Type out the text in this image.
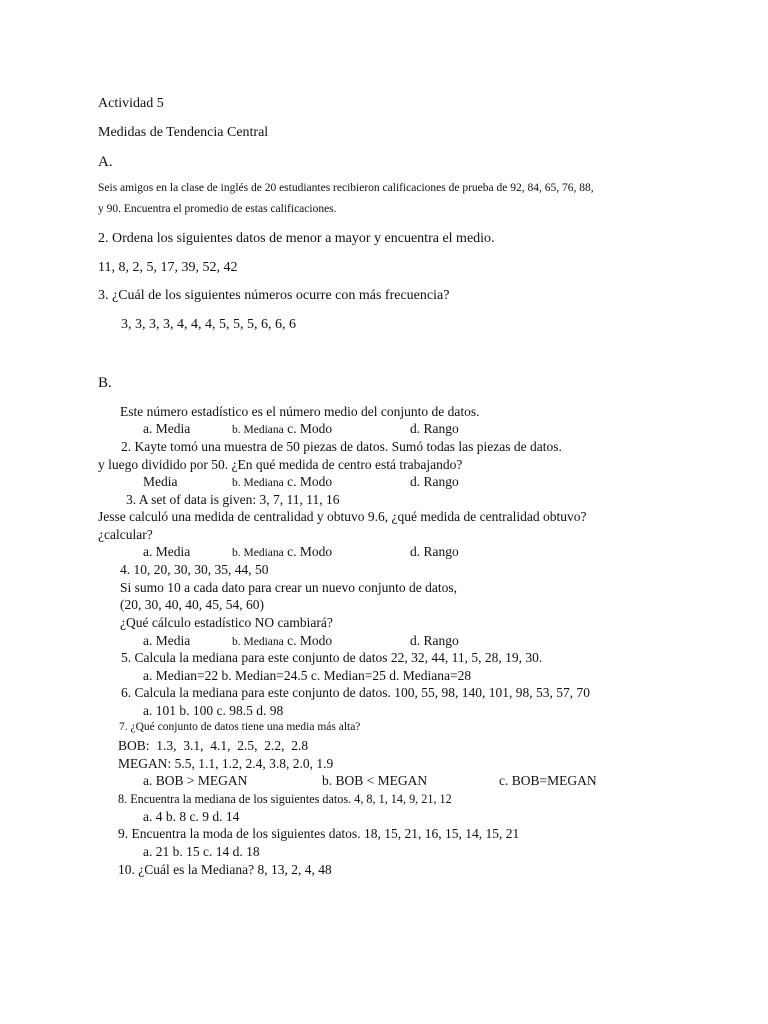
Actividad 5
Medidas de Tendencia Central
A.
Seis amigos en la clase de inglés de 20 estudiantes recibieron calificaciones de prueba de 92, 84, 65, 76, 88,
y 90. Encuentra el promedio de estas calificaciones.
2. Ordena los siguientes datos de menor a mayor y encuentra el medio.
11, 8, 2, 5, 17, 39, 52, 42
3. ¿Cuál de los siguientes números ocurre con más frecuencia?
3, 3, 3, 3, 4, 4, 4, 5, 5, 5, 6, 6, 6
B.
Este número estadístico es el número medio del conjunto de datos.
a. Media	b. Mediana c. Modo	d. Rango
2. Kayte tomó una muestra de 50 piezas de datos. Sumó todas las piezas de datos.
y luego dividido por 50. ¿En qué medida de centro está trabajando?
Media	b. Mediana c. Modo	d. Rango
3. A set of data is given: 3, 7, 11, 11, 16
Jesse calculó una medida de centralidad y obtuvo 9.6, ¿qué medida de centralidad obtuvo?
¿calcular?
a. Media	b. Mediana c. Modo	d. Rango
4. 10, 20, 30, 30, 35, 44, 50
Si sumo 10 a cada dato para crear un nuevo conjunto de datos,
(20, 30, 40, 40, 45, 54, 60)
¿Qué cálculo estadístico NO cambiará?
a. Media	b. Mediana c. Modo	d. Rango
5. Calcula la mediana para este conjunto de datos 22, 32, 44, 11, 5, 28, 19, 30.
a. Median=22 b. Median=24.5 c. Median=25 d. Mediana=28
6. Calcula la mediana para este conjunto de datos. 100, 55, 98, 140, 101, 98, 53, 57, 70
a. 101 b. 100 c. 98.5 d. 98
7. ¿Qué conjunto de datos tiene una media más alta?
BOB:  1.3,  3.1,  4.1,  2.5,  2.2,  2.8
MEGAN: 5.5, 1.1, 1.2, 2.4, 3.8, 2.0, 1.9
a. BOB > MEGAN	b. BOB < MEGAN	c. BOB=MEGAN
8. Encuentra la mediana de los siguientes datos. 4, 8, 1, 14, 9, 21, 12
a. 4 b. 8 c. 9 d. 14
9. Encuentra la moda de los siguientes datos. 18, 15, 21, 16, 15, 14, 15, 21
a. 21 b. 15 c. 14 d. 18
10. ¿Cuál es la Mediana? 8, 13, 2, 4, 48
